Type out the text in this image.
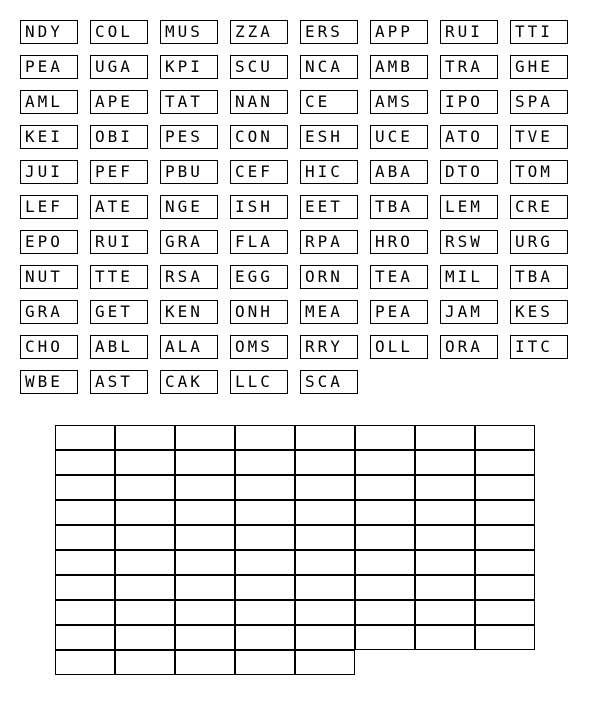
NDY	COL	MUS	ZZA	ERS	APP	RUI	TTI
PEA	UGA	KPI	SCU	NCA	AMB	TRA	GHE
AML	APE	TAT	NAN	CE	AMS	IPO	SPA
KEI	OBI	PES	CON	ESH	UCE	ATO	TVE
JUI	PEF	PBU	CEF	HIC	ABA	DTO	TOM
LEF	ATE	NGE	ISH	EET	TBA	LEM	CRE
EPO	RUI	GRA	FLA	RPA	HRO	RSW	URG
NUT	TTE	RSA	EGG	ORN	TEA	MIL	TBA
GRA	GET	KEN	ONH	MEA	PEA	JAM	KES
CHO	ABL	ALA	OMS	RRY	OLL	ORA	ITC
WBE	AST	CAK	LLC	SCA
